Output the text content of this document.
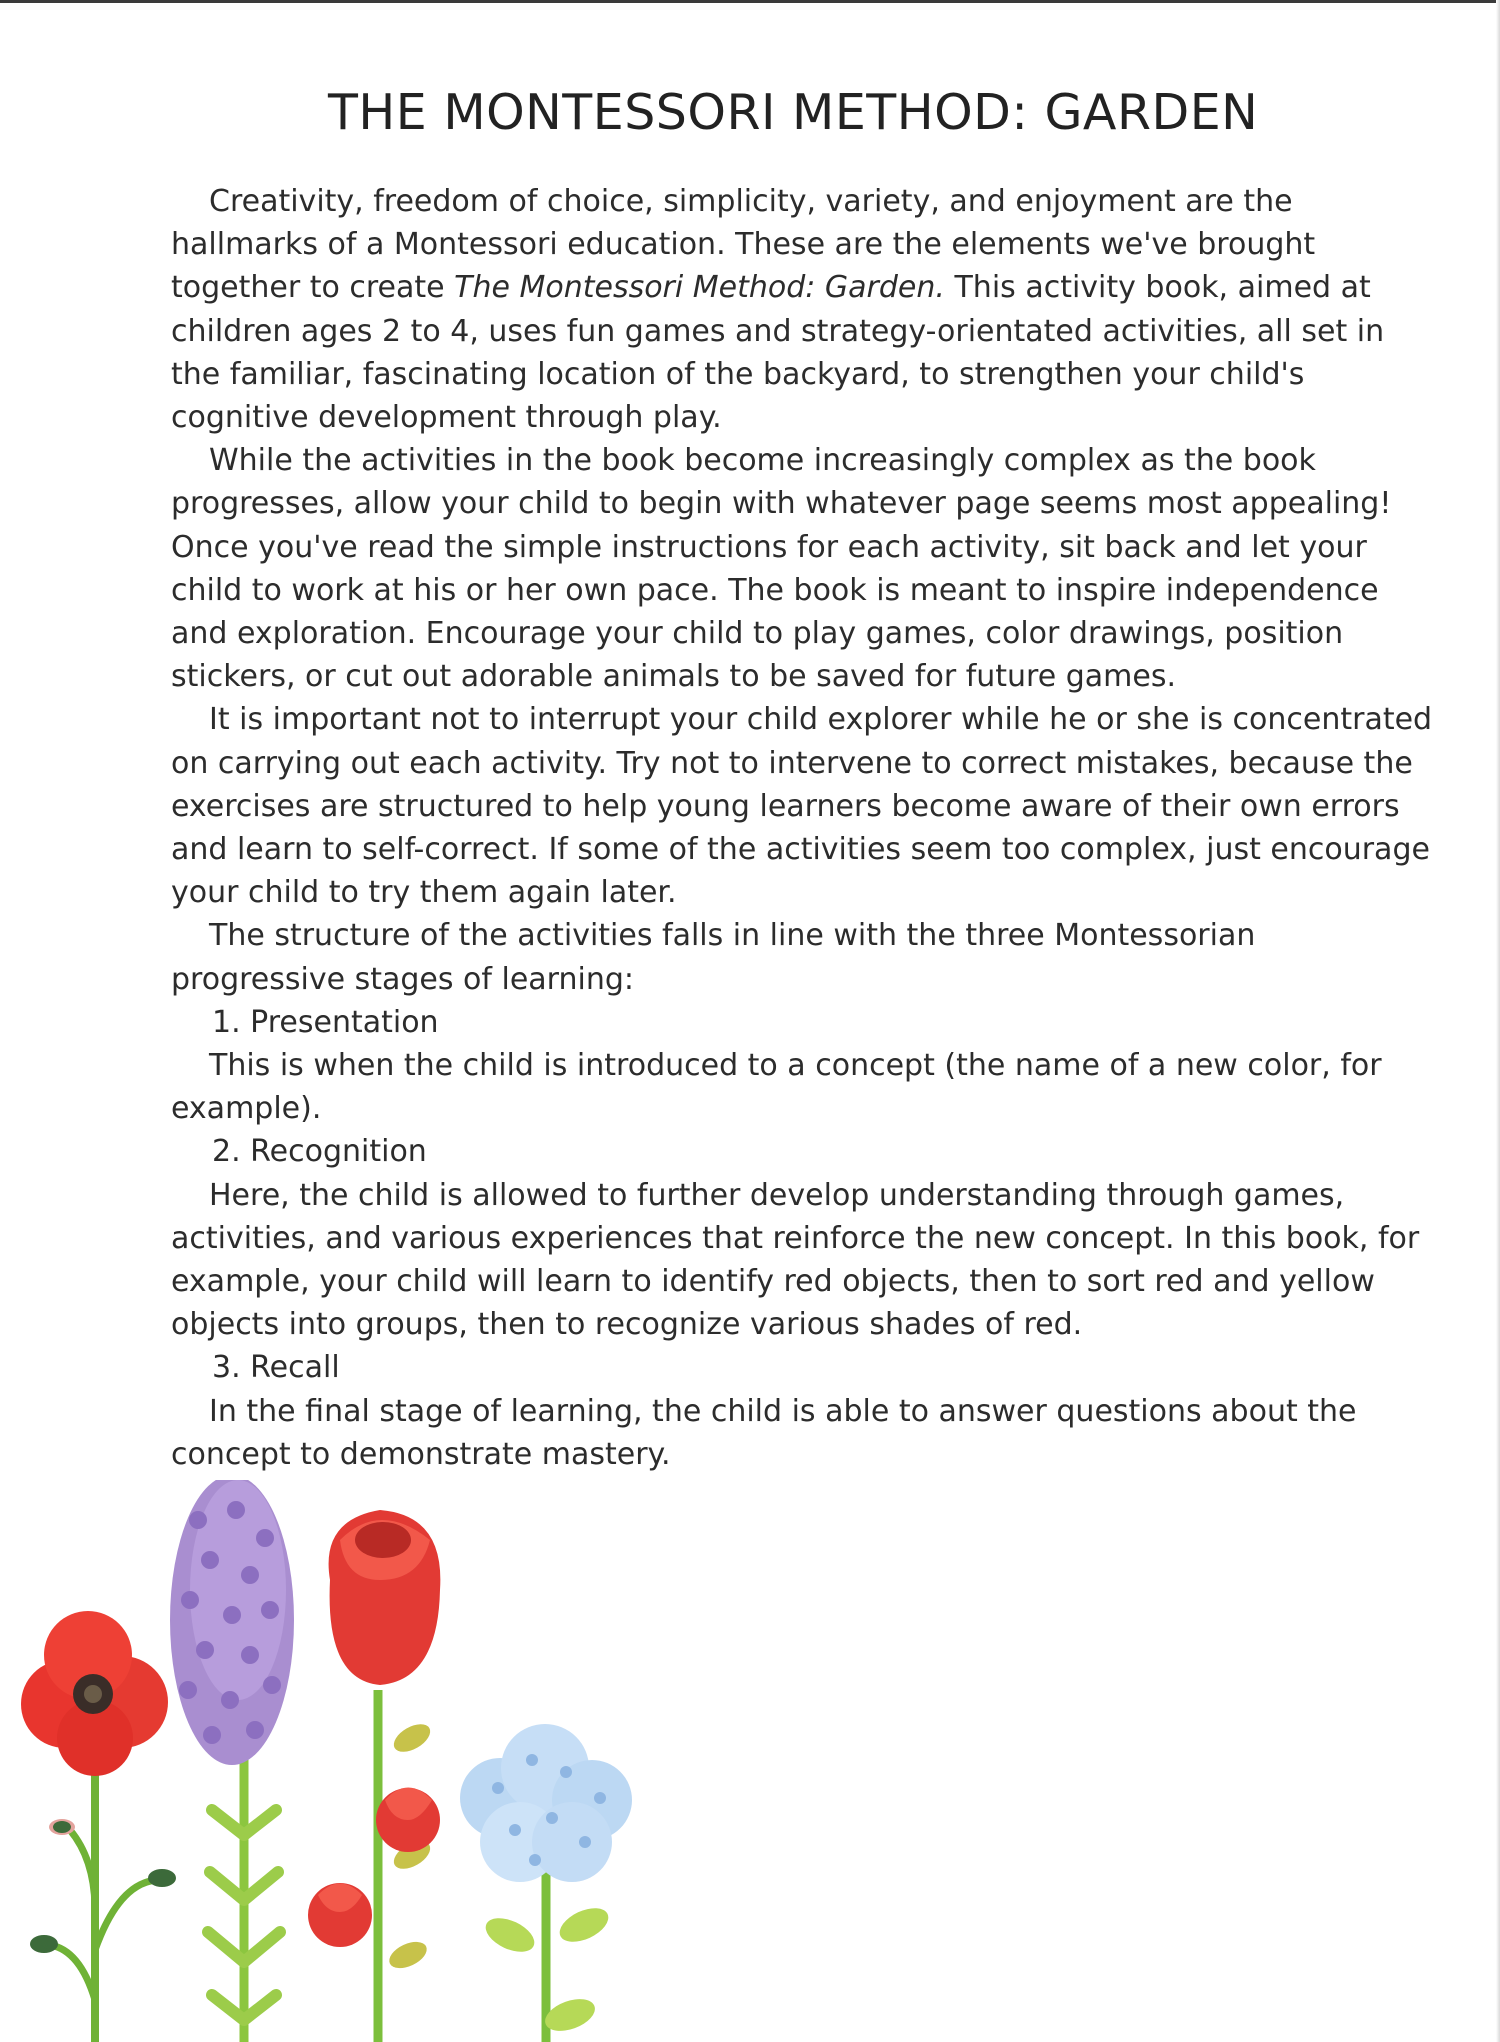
THE MONTESSORI METHOD: GARDEN

Creativity, freedom of choice, simplicity, variety, and enjoyment are the hallmarks of a Montessori education. These are the elements we've brought together to create The Montessori Method: Garden. This activity book, aimed at children ages 2 to 4, uses fun games and strategy-orientated activities, all set in the familiar, fascinating location of the backyard, to strengthen your child's cognitive development through play.

While the activities in the book become increasingly complex as the book progresses, allow your child to begin with whatever page seems most appealing! Once you've read the simple instructions for each activity, sit back and let your child to work at his or her own pace. The book is meant to inspire independence and exploration. Encourage your child to play games, color drawings, position stickers, or cut out adorable animals to be saved for future games.

It is important not to interrupt your child explorer while he or she is concentrated on carrying out each activity. Try not to intervene to correct mistakes, because the exercises are structured to help young learners become aware of their own errors and learn to self-correct. If some of the activities seem too complex, just encourage your child to try them again later.

The structure of the activities falls in line with the three Montessorian progressive stages of learning:

1. Presentation

This is when the child is introduced to a concept (the name of a new color, for example).

2. Recognition

Here, the child is allowed to further develop understanding through games, activities, and various experiences that reinforce the new concept. In this book, for example, your child will learn to identify red objects, then to sort red and yellow objects into groups, then to recognize various shades of red.

3. Recall

In the final stage of learning, the child is able to answer questions about the concept to demonstrate mastery.
